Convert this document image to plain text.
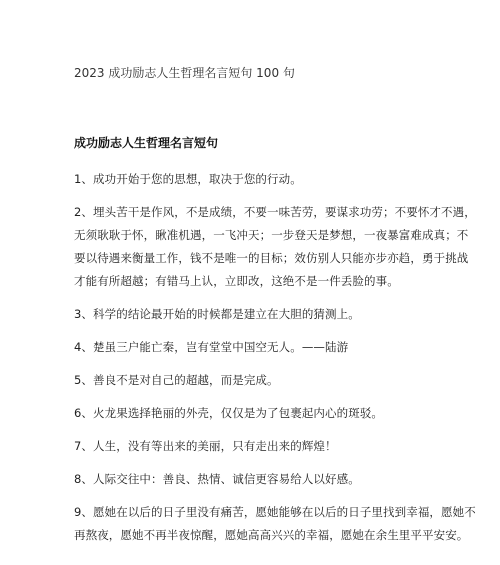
2023 成功励志人生哲理名言短句 100 句
成功励志人生哲理名言短句
1、成功开始于您的思想，取决于您的行动。
2、埋头苦干是作风，不是成绩，不要一味苦劳，要谋求功劳；不要怀才不遇，
无须耿耿于怀，瞅准机遇，一飞冲天；一步登天是梦想，一夜暴富难成真；不
要以待遇来衡量工作，钱不是唯一的目标；效仿别人只能亦步亦趋，勇于挑战
才能有所超越；有错马上认，立即改，这绝不是一件丢脸的事。
3、科学的结论最开始的时候都是建立在大胆的猜测上。
4、楚虽三户能亡秦，岂有堂堂中国空无人。——陆游
5、善良不是对自己的超越，而是完成。
6、火龙果选择艳丽的外壳，仅仅是为了包裹起内心的斑驳。
7、人生，没有等出来的美丽，只有走出来的辉煌！
8、人际交往中：善良、热情、诚信更容易给人以好感。
9、愿她在以后的日子里没有痛苦，愿她能够在以后的日子里找到幸福，愿她不
再熬夜，愿她不再半夜惊醒，愿她高高兴兴的幸福，愿她在余生里平平安安。
